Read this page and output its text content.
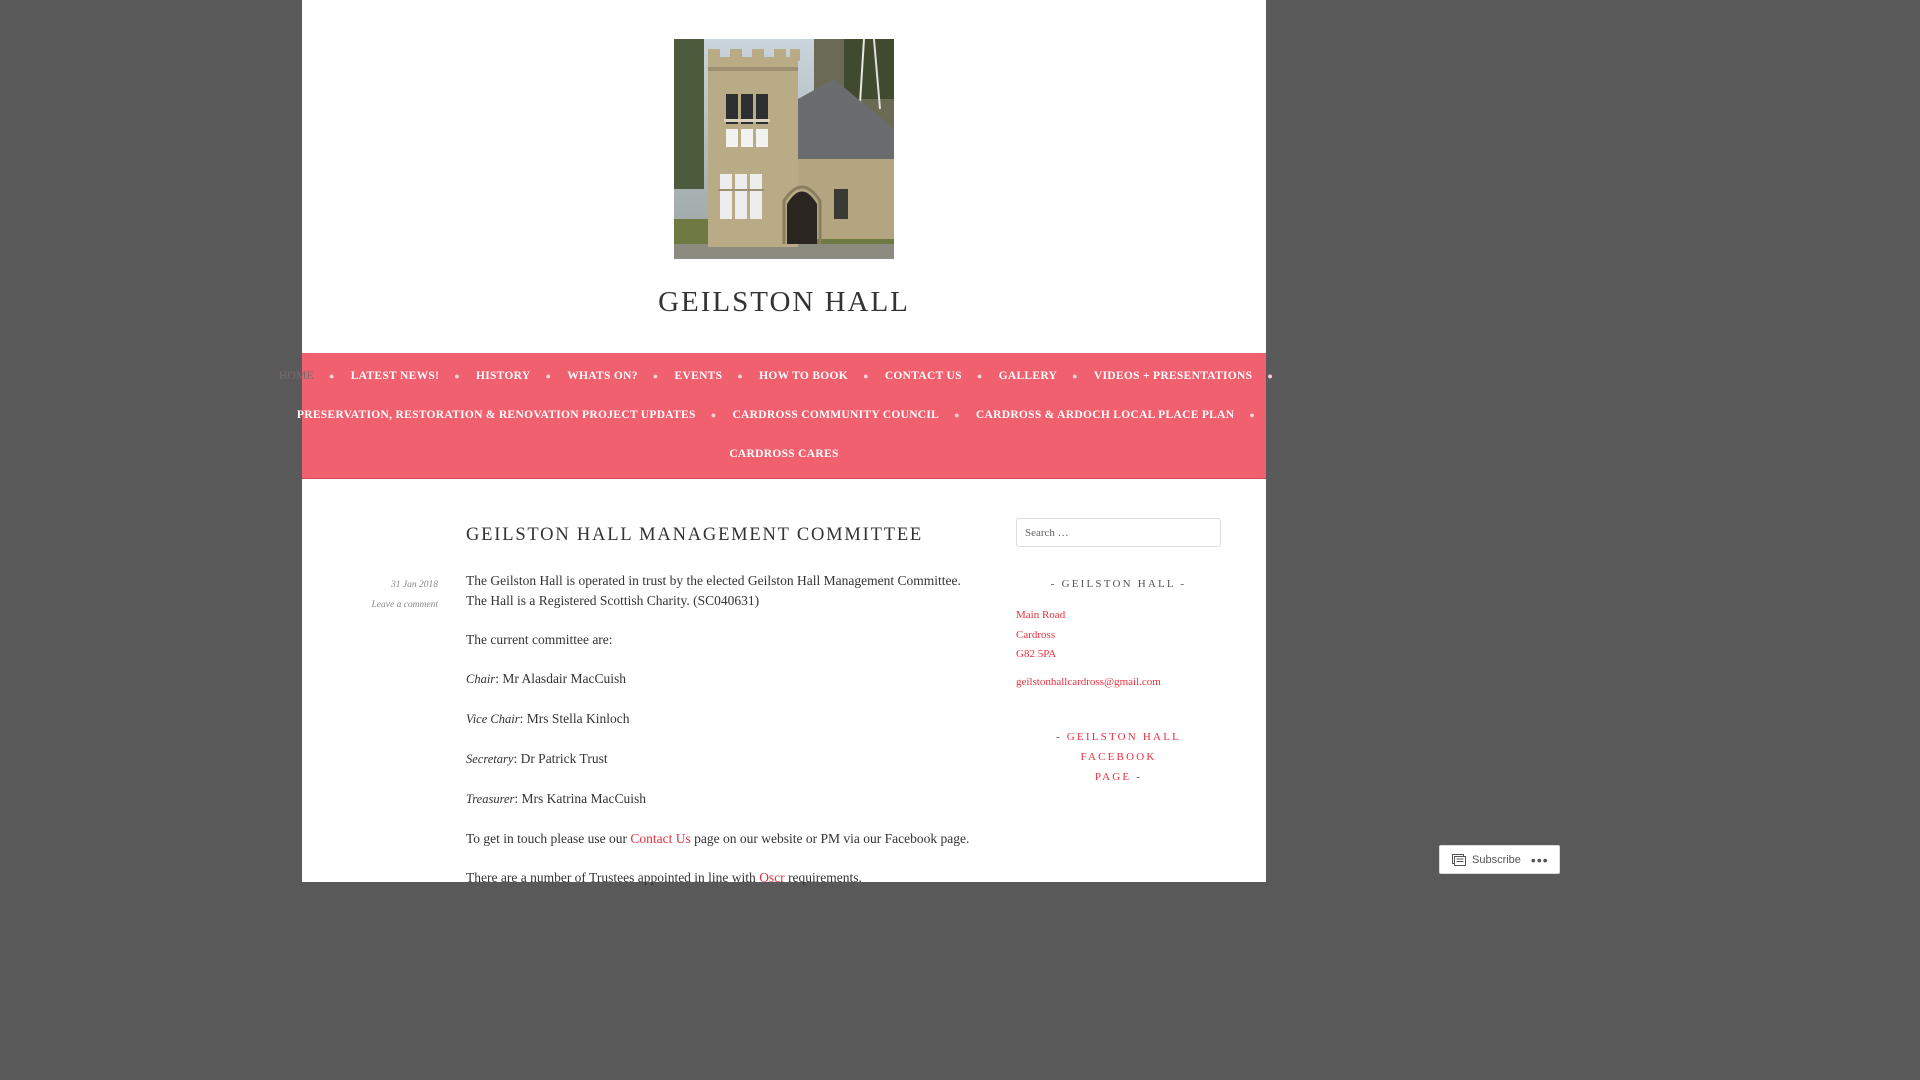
GEILSTON HALL
HOME ● LATEST NEWS! ● HISTORY ● WHATS ON? ● EVENTS ● HOW TO BOOK ● CONTACT US ● GALLERY ● VIDEOS + PRESENTATIONS ●
PRESERVATION, RESTORATION & RENOVATION PROJECT UPDATES ● CARDROSS COMMUNITY COUNCIL ● CARDROSS & ARDOCH LOCAL PLACE PLAN ●
CARDROSS CARES
GEILSTON HALL MANAGEMENT COMMITTEE
31 Jan 2018
Leave a comment

The Geilston Hall is operated in trust by the elected Geilston Hall Management Committee. The Hall is a Registered Scottish Charity. (SC040631)

The current committee are:

Chair: Mr Alasdair MacCuish

Vice Chair: Mrs Stella Kinloch

Secretary: Dr Patrick Trust

Treasurer: Mrs Katrina MacCuish

To get in touch please use our Contact Us page on our website or PM via our Facebook page.

There are a number of Trustees appointed in line with Oscr requirements.

Search …
- GEILSTON HALL -
Main Road
Cardross
G82 5PA
geilstonhallcardross@gmail.com
- GEILSTON HALL FACEBOOK
PAGE -
Subscribe •••
